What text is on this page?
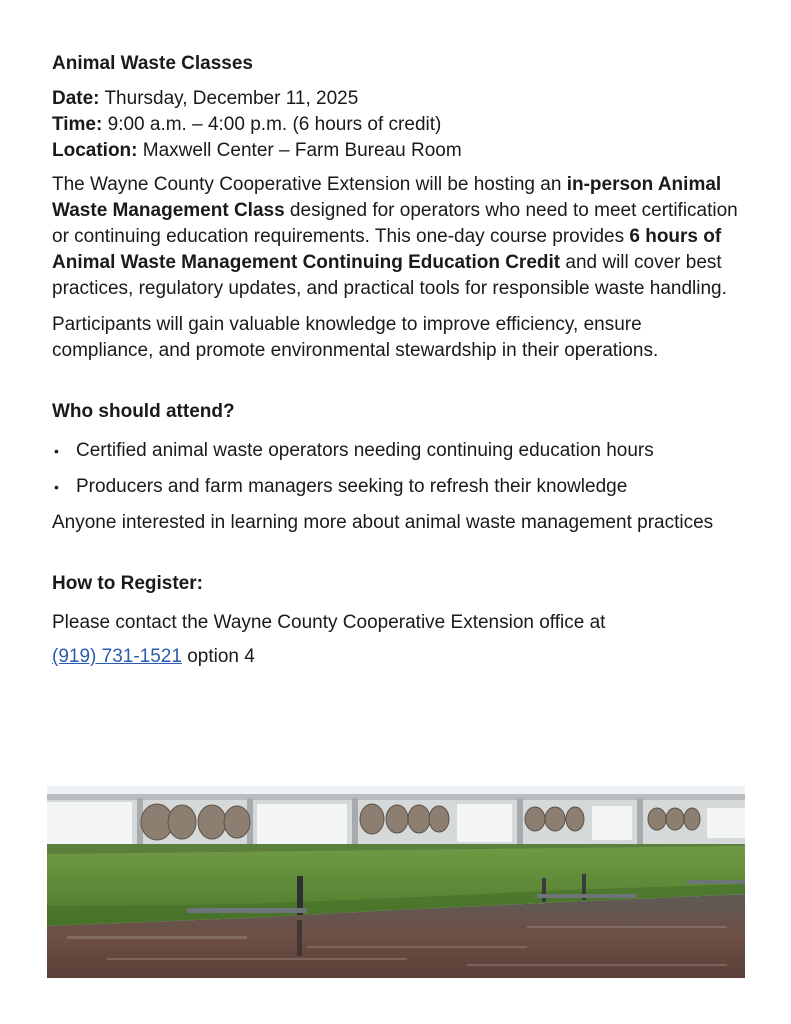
Animal Waste Classes

Date: Thursday, December 11, 2025

Time: 9:00 a.m. – 4:00 p.m. (6 hours of credit)

Location: Maxwell Center – Farm Bureau Room

The Wayne County Cooperative Extension will be hosting an in-person Animal Waste Management Class designed for operators who need to meet certification or continuing education requirements. This one-day course provides 6 hours of Animal Waste Management Continuing Education Credit and will cover best practices, regulatory updates, and practical tools for responsible waste handling.

Participants will gain valuable knowledge to improve efficiency, ensure compliance, and promote environmental stewardship in their operations.

Who should attend?
• Certified animal waste operators needing continuing education hours
• Producers and farm managers seeking to refresh their knowledge

Anyone interested in learning more about animal waste management practices

How to Register:

Please contact the Wayne County Cooperative Extension office at

(919) 731-1521 option 4
